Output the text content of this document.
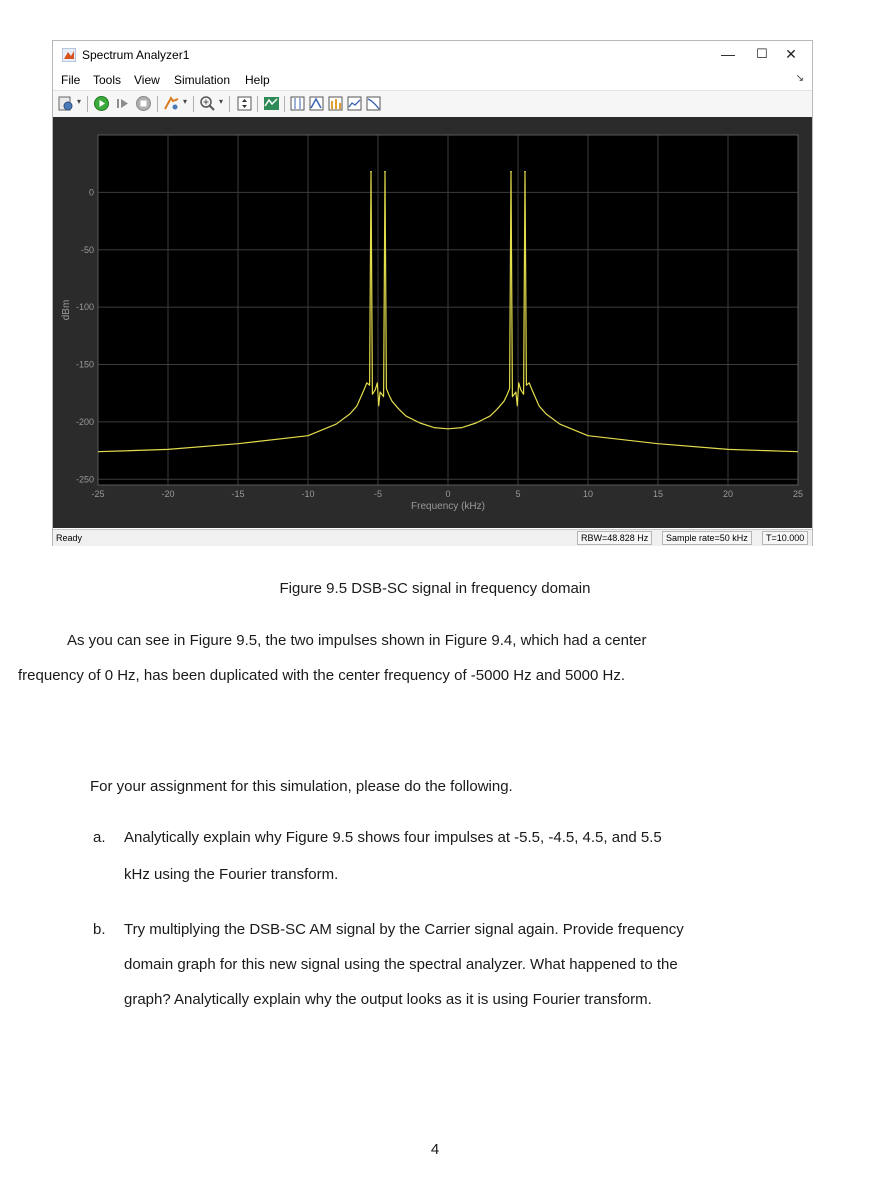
Spectrum Analyzer1	—	☐	✕
File Tools View Simulation Help	↘
▾	▾	▾
-25	-20	-15	-10	-5	0	5	10	15	20	25
0
-50
-100
-150
-200
-250
Frequency (kHz)
dBm
Ready	RBW=48.828 Hz	Sample rate=50 kHz	T=10.000
Figure 9.5 DSB-SC signal in frequency domain
As you can see in Figure 9.5, the two impulses shown in Figure 9.4, which had a center
frequency of 0 Hz, has been duplicated with the center frequency of -5000 Hz and 5000 Hz.
For your assignment for this simulation, please do the following.
a. Analytically explain why Figure 9.5 shows four impulses at -5.5, -4.5, 4.5, and 5.5
kHz using the Fourier transform.
b. Try multiplying the DSB-SC AM signal by the Carrier signal again. Provide frequency
domain graph for this new signal using the spectral analyzer. What happened to the
graph? Analytically explain why the output looks as it is using Fourier transform.
4
